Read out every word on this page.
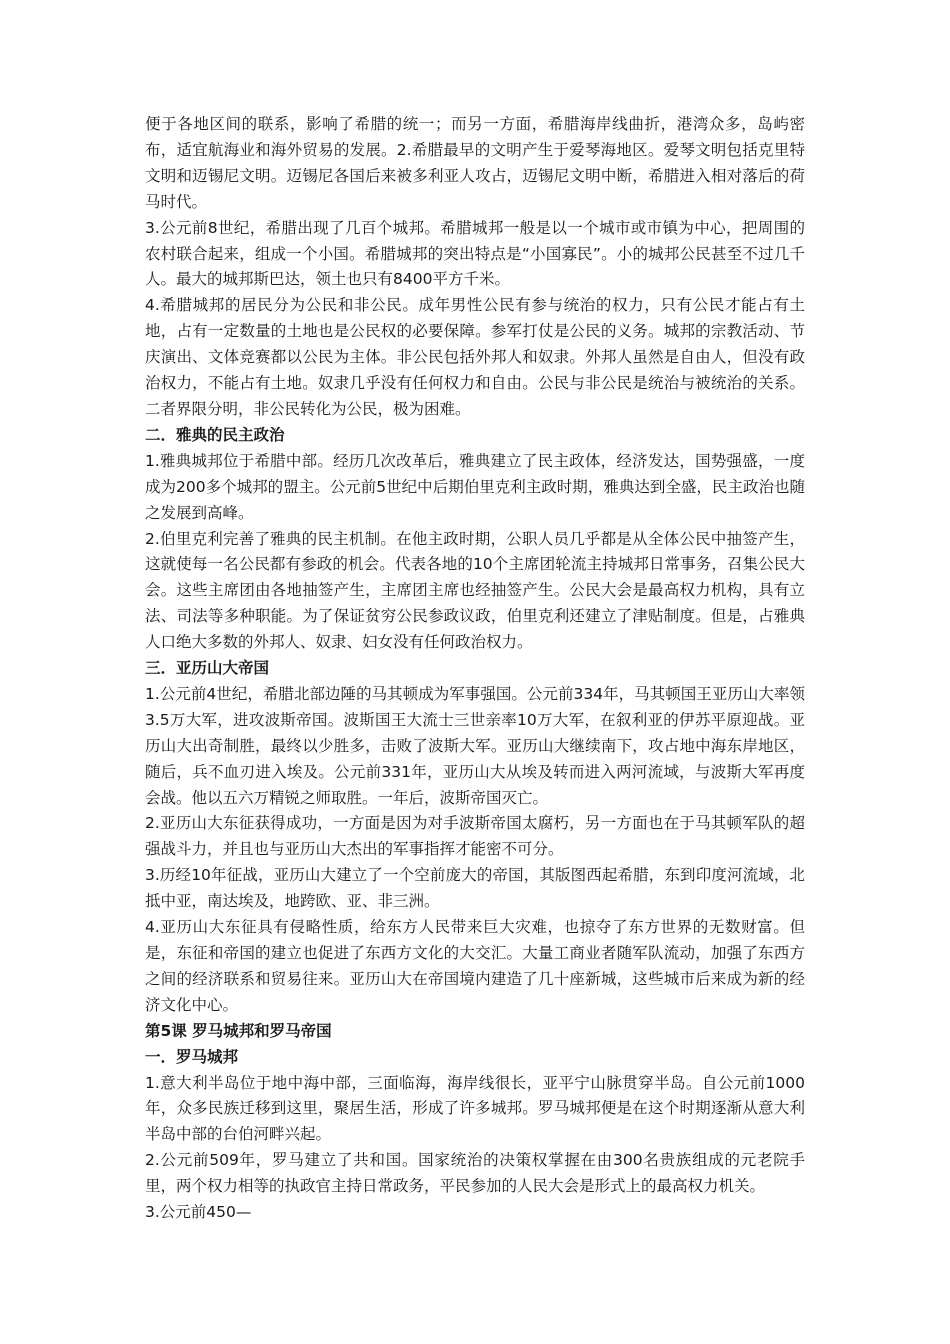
便于各地区间的联系，影响了希腊的统一；而另一方面，希腊海岸线曲折，港湾众多，岛屿密布，适宜航海业和海外贸易的发展。2.希腊最早的文明产生于爱琴海地区。爱琴文明包括克里特文明和迈锡尼文明。迈锡尼各国后来被多利亚人攻占，迈锡尼文明中断，希腊进入相对落后的荷马时代。

3.公元前8世纪，希腊出现了几百个城邦。希腊城邦一般是以一个城市或市镇为中心，把周围的农村联合起来，组成一个小国。希腊城邦的突出特点是“小国寡民”。小的城邦公民甚至不过几千人。最大的城邦斯巴达，领土也只有8400平方千米。

4.希腊城邦的居民分为公民和非公民。成年男性公民有参与统治的权力，只有公民才能占有土地，占有一定数量的土地也是公民权的必要保障。参军打仗是公民的义务。城邦的宗教活动、节庆演出、文体竞赛都以公民为主体。非公民包括外邦人和奴隶。外邦人虽然是自由人，但没有政治权力，不能占有土地。奴隶几乎没有任何权力和自由。公民与非公民是统治与被统治的关系。二者界限分明，非公民转化为公民，极为困难。

二．雅典的民主政治

1.雅典城邦位于希腊中部。经历几次改革后，雅典建立了民主政体，经济发达，国势强盛，一度成为200多个城邦的盟主。公元前5世纪中后期伯里克利主政时期，雅典达到全盛，民主政治也随之发展到高峰。

2.伯里克利完善了雅典的民主机制。在他主政时期，公职人员几乎都是从全体公民中抽签产生，这就使每一名公民都有参政的机会。代表各地的10个主席团轮流主持城邦日常事务，召集公民大会。这些主席团由各地抽签产生，主席团主席也经抽签产生。公民大会是最高权力机构，具有立法、司法等多种职能。为了保证贫穷公民参政议政，伯里克利还建立了津贴制度。但是，占雅典人口绝大多数的外邦人、奴隶、妇女没有任何政治权力。

三．亚历山大帝国

1.公元前4世纪，希腊北部边陲的马其顿成为军事强国。公元前334年，马其顿国王亚历山大率领3.5万大军，进攻波斯帝国。波斯国王大流士三世亲率10万大军，在叙利亚的伊苏平原迎战。亚历山大出奇制胜，最终以少胜多，击败了波斯大军。亚历山大继续南下，攻占地中海东岸地区，随后，兵不血刃进入埃及。公元前331年，亚历山大从埃及转而进入两河流域，与波斯大军再度会战。他以五六万精锐之师取胜。一年后，波斯帝国灭亡。

2.亚历山大东征获得成功，一方面是因为对手波斯帝国太腐朽，另一方面也在于马其顿军队的超强战斗力，并且也与亚历山大杰出的军事指挥才能密不可分。

3.历经10年征战，亚历山大建立了一个空前庞大的帝国，其版图西起希腊，东到印度河流域，北抵中亚，南达埃及，地跨欧、亚、非三洲。

4.亚历山大东征具有侵略性质，给东方人民带来巨大灾难，也掠夺了东方世界的无数财富。但是，东征和帝国的建立也促进了东西方文化的大交汇。大量工商业者随军队流动，加强了东西方之间的经济联系和贸易往来。亚历山大在帝国境内建造了几十座新城，这些城市后来成为新的经济文化中心。

第5课 罗马城邦和罗马帝国

一．罗马城邦

1.意大利半岛位于地中海中部，三面临海，海岸线很长，亚平宁山脉贯穿半岛。自公元前1000年，众多民族迁移到这里，聚居生活，形成了许多城邦。罗马城邦便是在这个时期逐渐从意大利半岛中部的台伯河畔兴起。

2.公元前509年，罗马建立了共和国。国家统治的决策权掌握在由300名贵族组成的元老院手里，两个权力相等的执政官主持日常政务，平民参加的人民大会是形式上的最高权力机关。

3.公元前450—
